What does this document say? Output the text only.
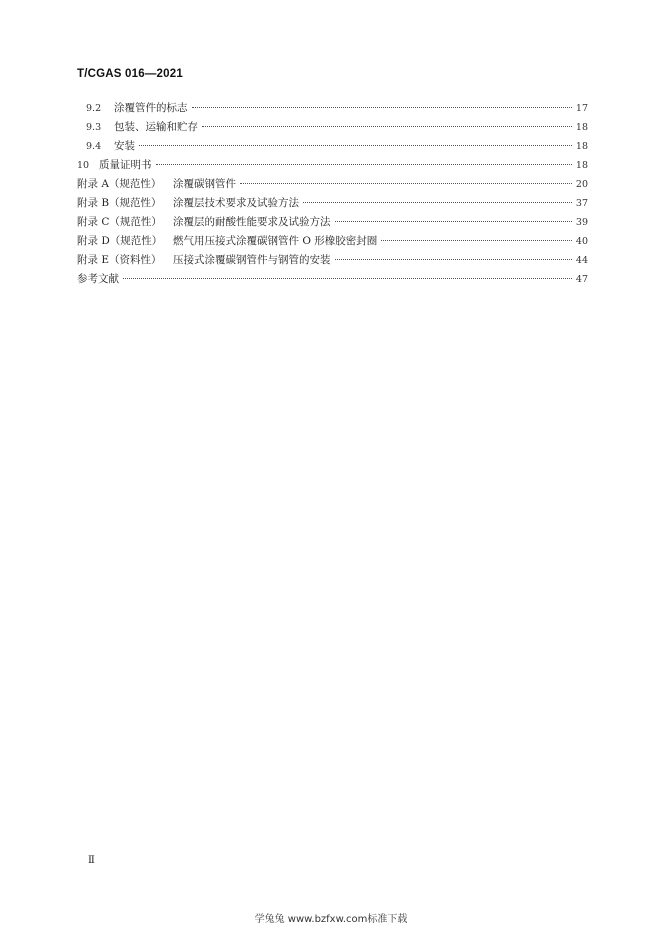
T/CGAS 016—2021
9.2 涂覆管件的标志	17
9.3 包装、运输和贮存	18
9.4 安装	18
10 质量证明书	18
附录 A（规范性） 涂覆碳钢管件	20
附录 B（规范性） 涂覆层技术要求及试验方法	37
附录 C（规范性） 涂覆层的耐酸性能要求及试验方法	39
附录 D（规范性） 燃气用压接式涂覆碳钢管件 O 形橡胶密封圈	40
附录 E（资料性） 压接式涂覆碳钢管件与钢管的安装	44
参考文献	47
Ⅱ
学兔兔 www.bzfxw.com标准下载
